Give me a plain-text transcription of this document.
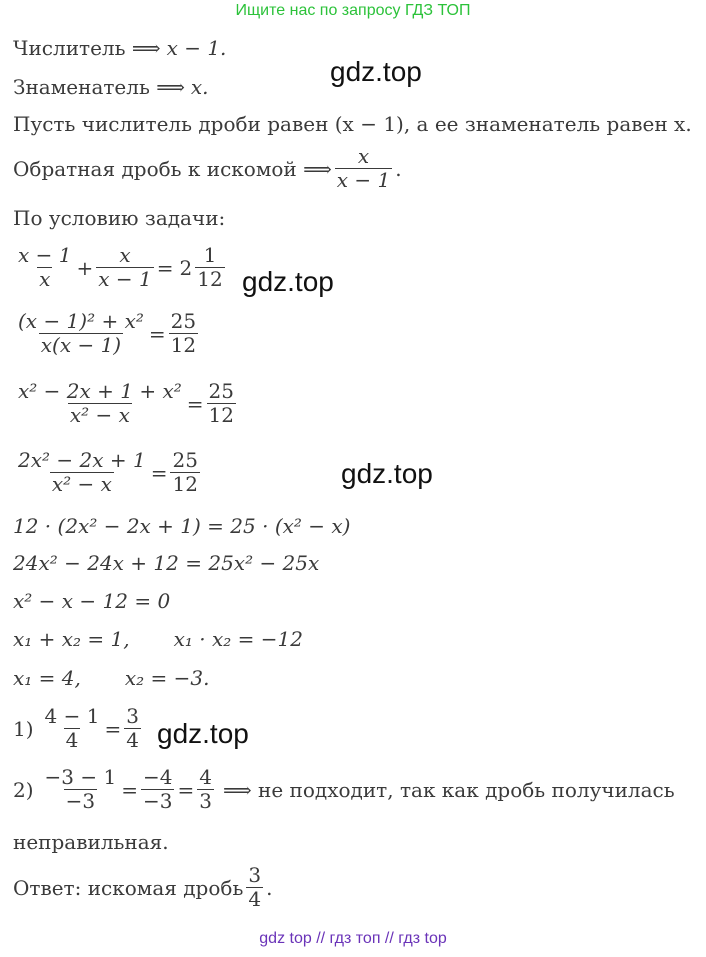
Ищите нас по запросу ГДЗ ТОП
gdz.top
gdz.top
gdz.top
gdz.top
Числитель ⟹ x − 1.
Знаменатель ⟹ x.
Пусть числитель дроби равен (x − 1), а ее знаменатель равен x.
Обратная дробь к искомой ⟹ $\frac{x}{x - 1}$ .
По условию задачи:
$\frac{x - 1}{x} + \frac{x}{x - 1} = 2 \frac{1}{12}$
$\frac{\text{(x − 1)² + x²}}{x(x - 1)} = \frac{25}{12}$
$\frac{\text{x² − 2x + 1 + x²}}{\text{x² − x}} = \frac{25}{12}$
$\frac{\text{2x² − 2x + 1}}{\text{x² − x}} = \frac{25}{12}$
12 · (2x² − 2x + 1) = 25 · (x² − x)
24x² − 24x + 12 = 25x² − 25x
x² − x − 12 = 0
x₁ + x₂ = 1, x₁ · x₂ = −12
x₁ = 4, x₂ = −3.
$1) \frac{4 - 1}{4} = \frac{3}{4}$
$2) \frac{-3 - 1}{-3} = \frac{-4}{-3} = \frac{4}{3}$ ⟹ не подходит, так как дробь получилась
неправильная.
Ответ: искомая дробь $\frac{3}{4}$ .
gdz top // гдз топ // гдз top
